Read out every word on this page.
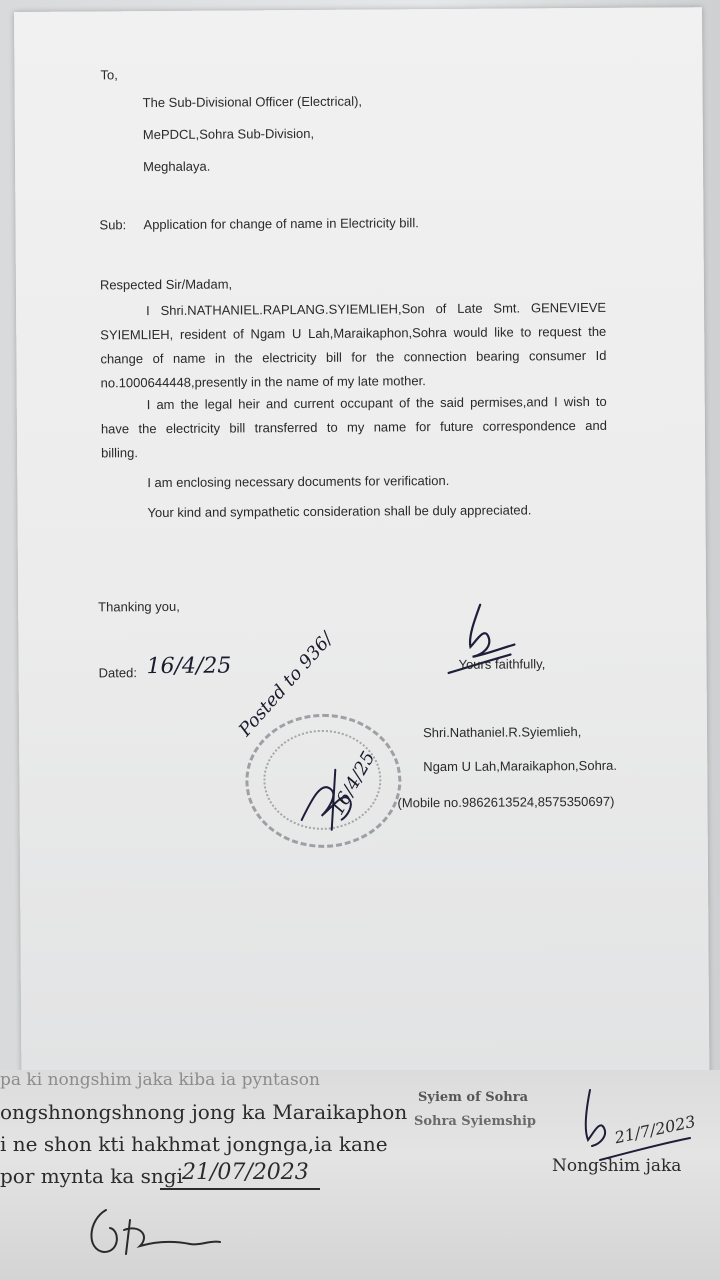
To,
The Sub-Divisional Officer (Electrical),
MePDCL,Sohra Sub-Division,
Meghalaya.
Sub: Application for change of name in Electricity bill.
Respected Sir/Madam,
I Shri.NATHANIEL.RAPLANG.SYIEMLIEH,Son of Late Smt. GENEVIEVE
SYIEMLIEH, resident of Ngam U Lah,Maraikaphon,Sohra would like to request the
change of name in the electricity bill for the connection bearing consumer Id
no.1000644448,presently in the name of my late mother.
I am the legal heir and current occupant of the said permises,and I wish to
have the electricity bill transferred to my name for future correspondence and
billing.
I am enclosing necessary documents for verification.
Your kind and sympathetic consideration shall be duly appreciated.
Thanking you,
Dated: 16/4/25	Yours faithfully,
Shri.Nathaniel.R.Syiemlieh,
Ngam U Lah,Maraikaphon,Sohra.
(Mobile no.9862613524,8575350697)
Posted to 936/
16/4/25
pa ki nongshim jaka kiba ia pyntason
ongshnongshnong jong ka Maraikaphon
i ne shon kti hakhmat jongnga,ia kane
por mynta ka sngi 21/07/2023
Syiem of Sohra
Sohra Syiemship	21/7/2023
Nongshim jaka
